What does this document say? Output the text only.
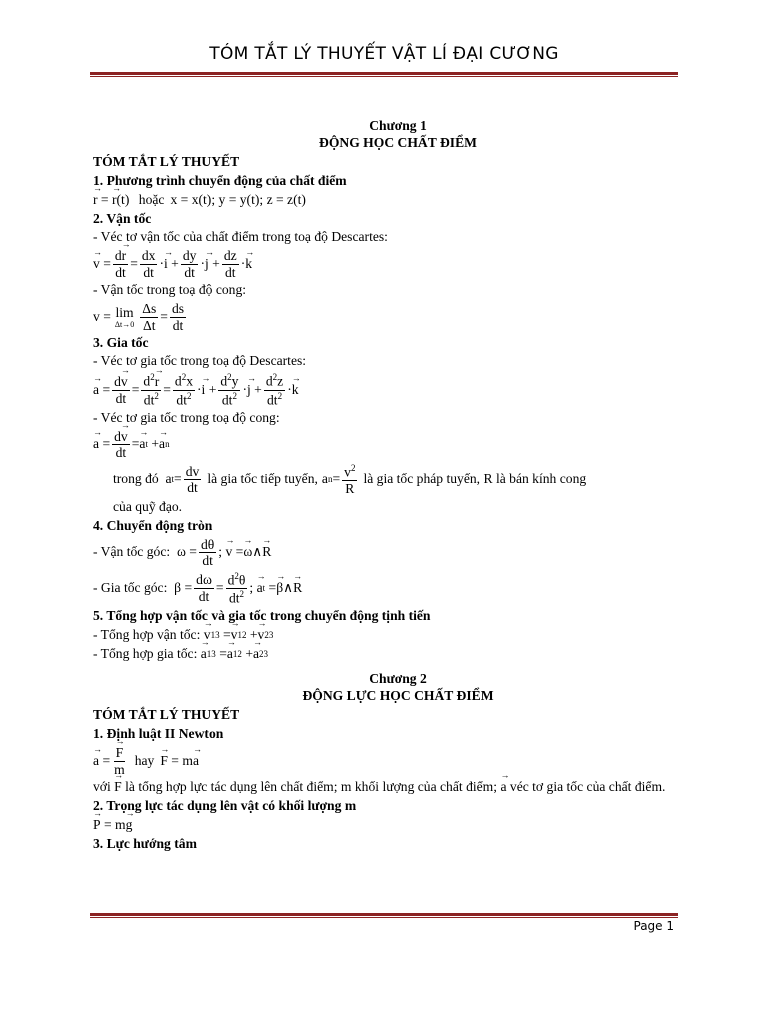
TÓM TẮT LÝ THUYẾT VẬT LÍ ĐẠI CƯƠNG
Chương 1
ĐỘNG HỌC CHẤT ĐIỂM
TÓM TẮT LÝ THUYẾT
1. Phương trình chuyển động của chất điểm
→ r = → r(t) hoặc x = x(t); y = y(t); z = z(t)
2. Vận tốc
- Véc tơ vận tốc của chất điểm trong toạ độ Descartes:
→ $v = \frac{d\to r}{dt} = \frac{dx}{dt}$ · → $i + \frac{dy}{dt}$ · → $j + \frac{dz}{dt}$ · → k
- Vận tốc trong toạ độ cong:
v = lim
$\Delta t\to 0 \frac{\Delta s}{\Delta t} = \frac{ds}{dt}$
3. Gia tốc
- Véc tơ gia tốc trong toạ độ Descartes:
→ $a = \frac{d\to v}{dt} = \frac{d^2\to r}{dt^2} = \frac{d^2x}{dt^2}$ · → $i + \frac{d^2y}{dt^2}$ · → $j + \frac{d^2z}{dt^2}$ · → k
- Véc tơ gia tốc trong toạ độ cong:
→ $a = \frac{d\to v}{dt}$ = → a t + → a n
trong đó a $t = \frac{dv}{dt}$ là gia tốc tiếp tuyến, a $n = \frac{v^2}{R}$ là gia tốc pháp tuyến, R là bán kính cong
của quỹ đạo.
4. Chuyển động tròn
- Vận tốc góc: $\omega = \frac{d\theta}{dt}$ ; → v = → ω ∧ → R
- Gia tốc góc: $\beta = \frac{d\omega}{dt} = \frac{d^2\theta}{dt^2}$ ; → a t = → β ∧ → R
5. Tổng hợp vận tốc và gia tốc trong chuyển động tịnh tiến
- Tổng hợp vận tốc:
→ v 13 = → v 12 + → v 23
- Tổng hợp gia tốc:
→ a 13 = → a 12 + → a 23
Chương 2
ĐỘNG LỰC HỌC CHẤT ĐIỂM
TÓM TẮT LÝ THUYẾT
1. Định luật II Newton
→ a = → $\frac{F}{m}$ hay → F = m → a
với → F là tổng hợp lực tác dụng lên chất điểm; m khối lượng của chất điểm; → a véc tơ gia tốc của chất điểm.
2. Trọng lực tác dụng lên vật có khối lượng m
→ P = m → g
3. Lực hướng tâm
Page 1
